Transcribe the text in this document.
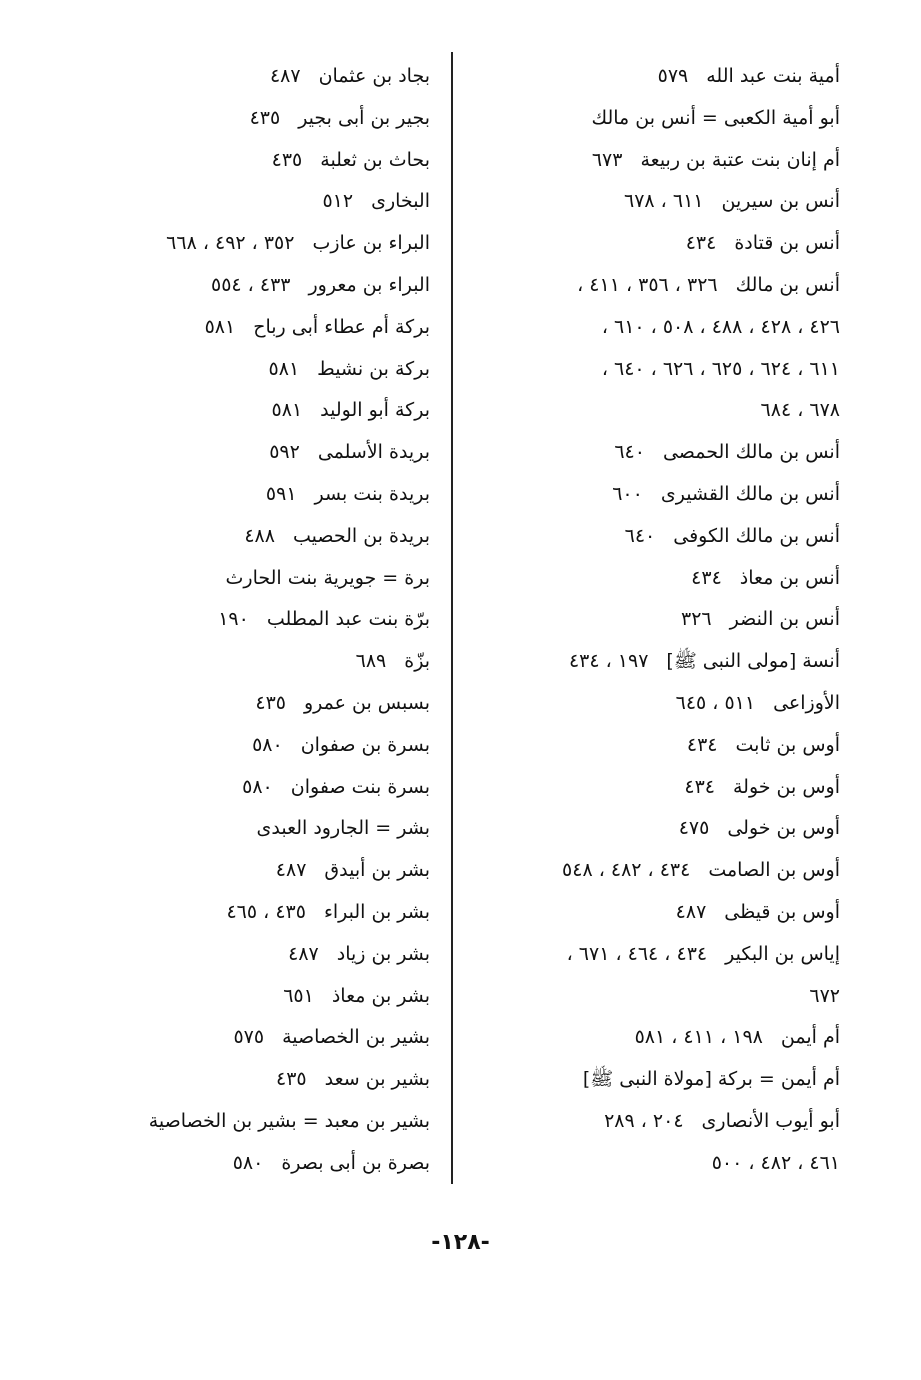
أمية بنت عبد الله٥٧٩
أبو أمية الكعبى = أنس بن مالك
أم إنان بنت عتبة بن ربيعة٦٧٣
أنس بن سيرين٦١١ ، ٦٧٨
أنس بن قتادة٤٣٤
أنس بن مالك٣٢٦ ، ٣٥٦ ، ٤١١ ،
٤٢٦ ، ٤٢٨ ، ٤٨٨ ، ٥٠٨ ، ٦١٠ ،
٦١١ ، ٦٢٤ ، ٦٢٥ ، ٦٢٦ ، ٦٤٠ ،
٦٧٨ ، ٦٨٤
أنس بن مالك الحمصى٦٤٠
أنس بن مالك القشيرى٦٠٠
أنس بن مالك الكوفى٦٤٠
أنس بن معاذ٤٣٤
أنس بن النضر٣٢٦
أنسة [مولى النبى ﷺ]١٩٧ ، ٤٣٤
الأوزاعى٥١١ ، ٦٤٥
أوس بن ثابت٤٣٤
أوس بن خولة٤٣٤
أوس بن خولى٤٧٥
أوس بن الصامت٤٣٤ ، ٤٨٢ ، ٥٤٨
أوس بن قيظى٤٨٧
إياس بن البكير٤٣٤ ، ٤٦٤ ، ٦٧١ ،
٦٧٢
أم أيمن١٩٨ ، ٤١١ ، ٥٨١
أم أيمن = بركة [مولاة النبى ﷺ]
أبو أيوب الأنصارى٢٠٤ ، ٢٨٩
٤٦١ ، ٤٨٢ ، ٥٠٠
بجاد بن عثمان٤٨٧
بجير بن أبى بجير٤٣٥
بحاث بن ثعلبة٤٣٥
البخارى٥١٢
البراء بن عازب٣٥٢ ، ٤٩٢ ، ٦٦٨
البراء بن معرور٤٣٣ ، ٥٥٤
بركة أم عطاء أبى رباح٥٨١
بركة بن نشيط٥٨١
بركة أبو الوليد٥٨١
بريدة الأسلمى٥٩٢
بريدة بنت بسر٥٩١
بريدة بن الحصيب٤٨٨
برة = جويرية بنت الحارث
برّة بنت عبد المطلب١٩٠
بزّة٦٨٩
بسبس بن عمرو٤٣٥
بسرة بن صفوان٥٨٠
بسرة بنت صفوان٥٨٠
بشر = الجارود العبدى
بشر بن أبيدق٤٨٧
بشر بن البراء٤٣٥ ، ٤٦٥
بشر بن زياد٤٨٧
بشر بن معاذ٦٥١
بشير بن الخصاصية٥٧٥
بشير بن سعد٤٣٥
بشير بن معبد = بشير بن الخصاصية
بصرة بن أبى بصرة٥٨٠
-١٢٨-
